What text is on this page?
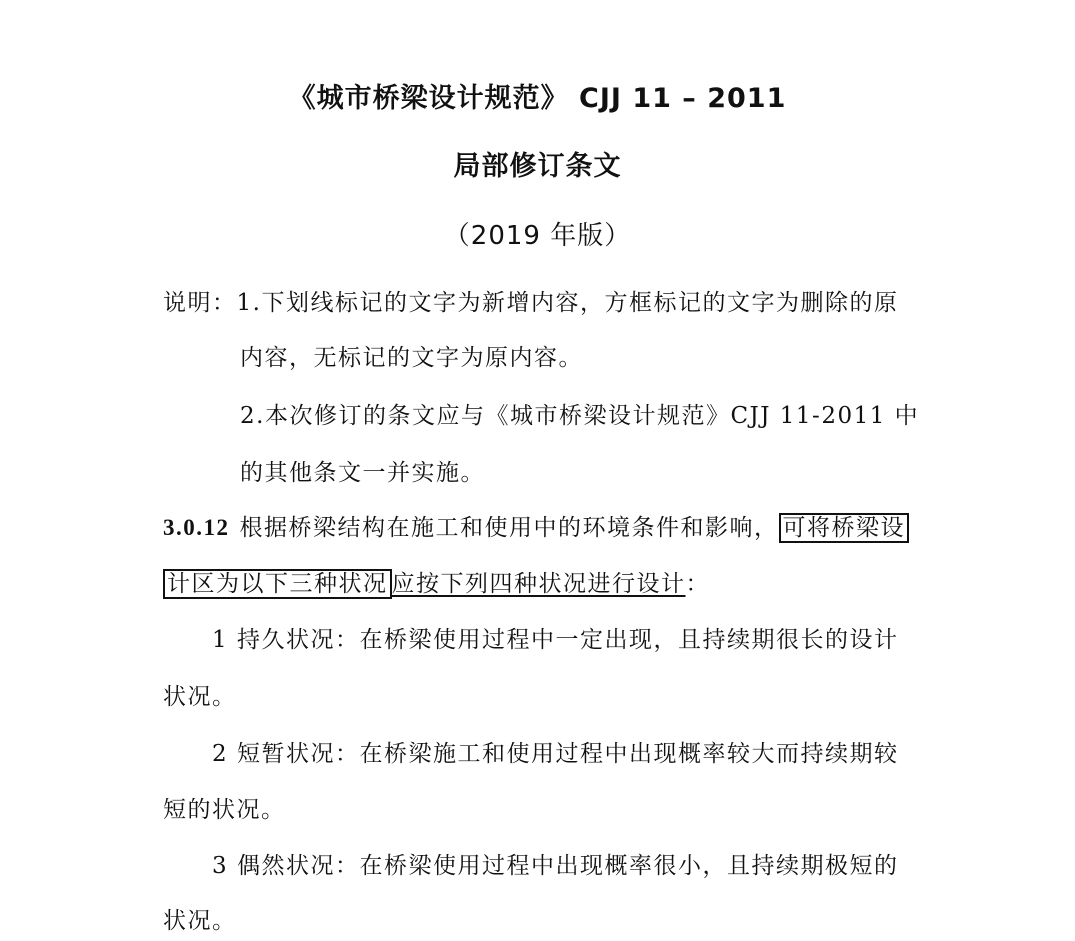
《城市桥梁设计规范》 CJJ 11 – 2011
局部修订条文
（2019 年版）
说明：1.下划线标记的文字为新增内容，方框标记的文字为删除的原
内容，无标记的文字为原内容。
2.本次修订的条文应与《城市桥梁设计规范》CJJ 11-2011 中
的其他条文一并实施。
3.0.12 根据桥梁结构在施工和使用中的环境条件和影响， 可将桥梁设
计区为以下三种状况 应按下列四种状况进行设计：
1 持久状况：在桥梁使用过程中一定出现，且持续期很长的设计
状况。
2 短暂状况：在桥梁施工和使用过程中出现概率较大而持续期较
短的状况。
3 偶然状况：在桥梁使用过程中出现概率很小，且持续期极短的
状况。
